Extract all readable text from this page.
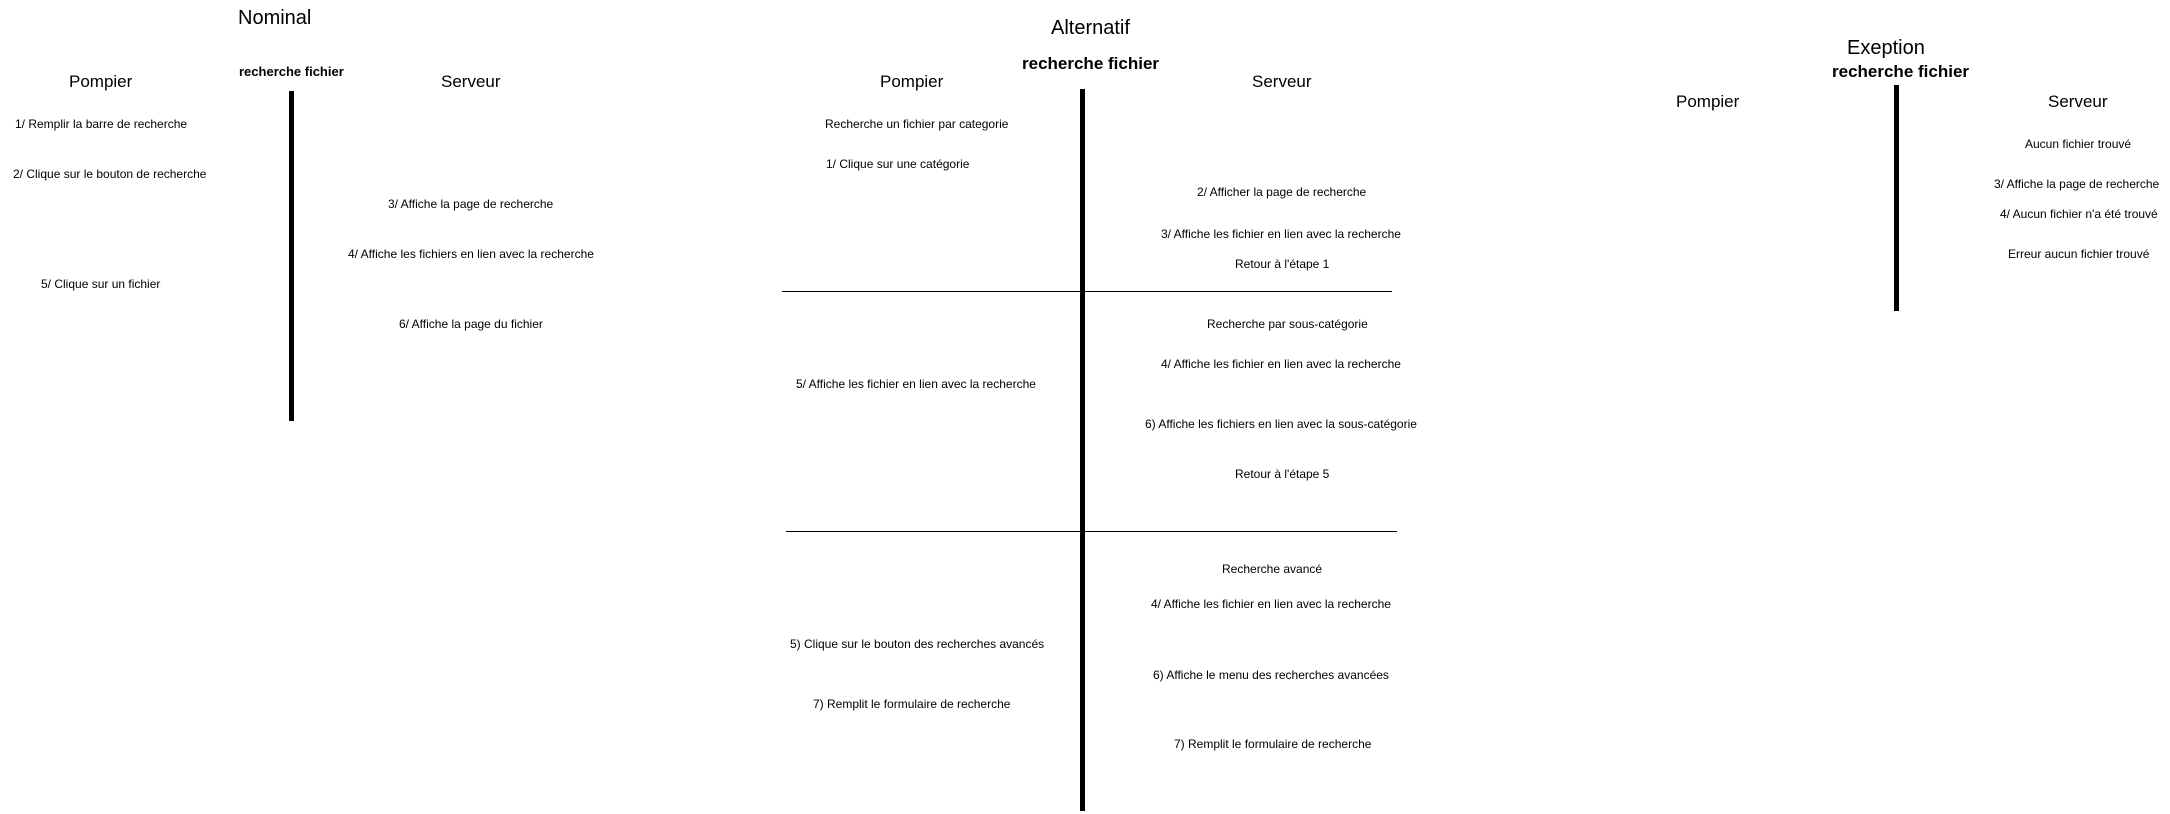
Nominal
recherche fichier
Pompier	Serveur
1/ Remplir la barre de recherche
2/ Clique sur le bouton de recherche
3/ Affiche la page de recherche
4/ Affiche les fichiers en lien avec la recherche
5/ Clique sur un fichier
6/ Affiche la page du fichier
Alternatif
recherche fichier
Pompier	Serveur
Recherche un fichier par categorie
1/ Clique sur une catégorie
2/ Afficher la page de recherche
3/ Affiche les fichier en lien avec la recherche
Retour à l'étape 1
Recherche par sous-catégorie
4/ Affiche les fichier en lien avec la recherche
5/ Affiche les fichier en lien avec la recherche
6) Affiche les fichiers en lien avec la sous-catégorie
Retour à l'étape 5
Recherche avancé
4/ Affiche les fichier en lien avec la recherche
5) Clique sur le bouton des recherches avancés
6) Affiche le menu des recherches avancées
7) Remplit le formulaire de recherche
7) Remplit le formulaire de recherche
Exeption
recherche fichier
Pompier	Serveur
Aucun fichier trouvé
3/ Affiche la page de recherche
4/ Aucun fichier n'a été trouvé
Erreur aucun fichier trouvé
